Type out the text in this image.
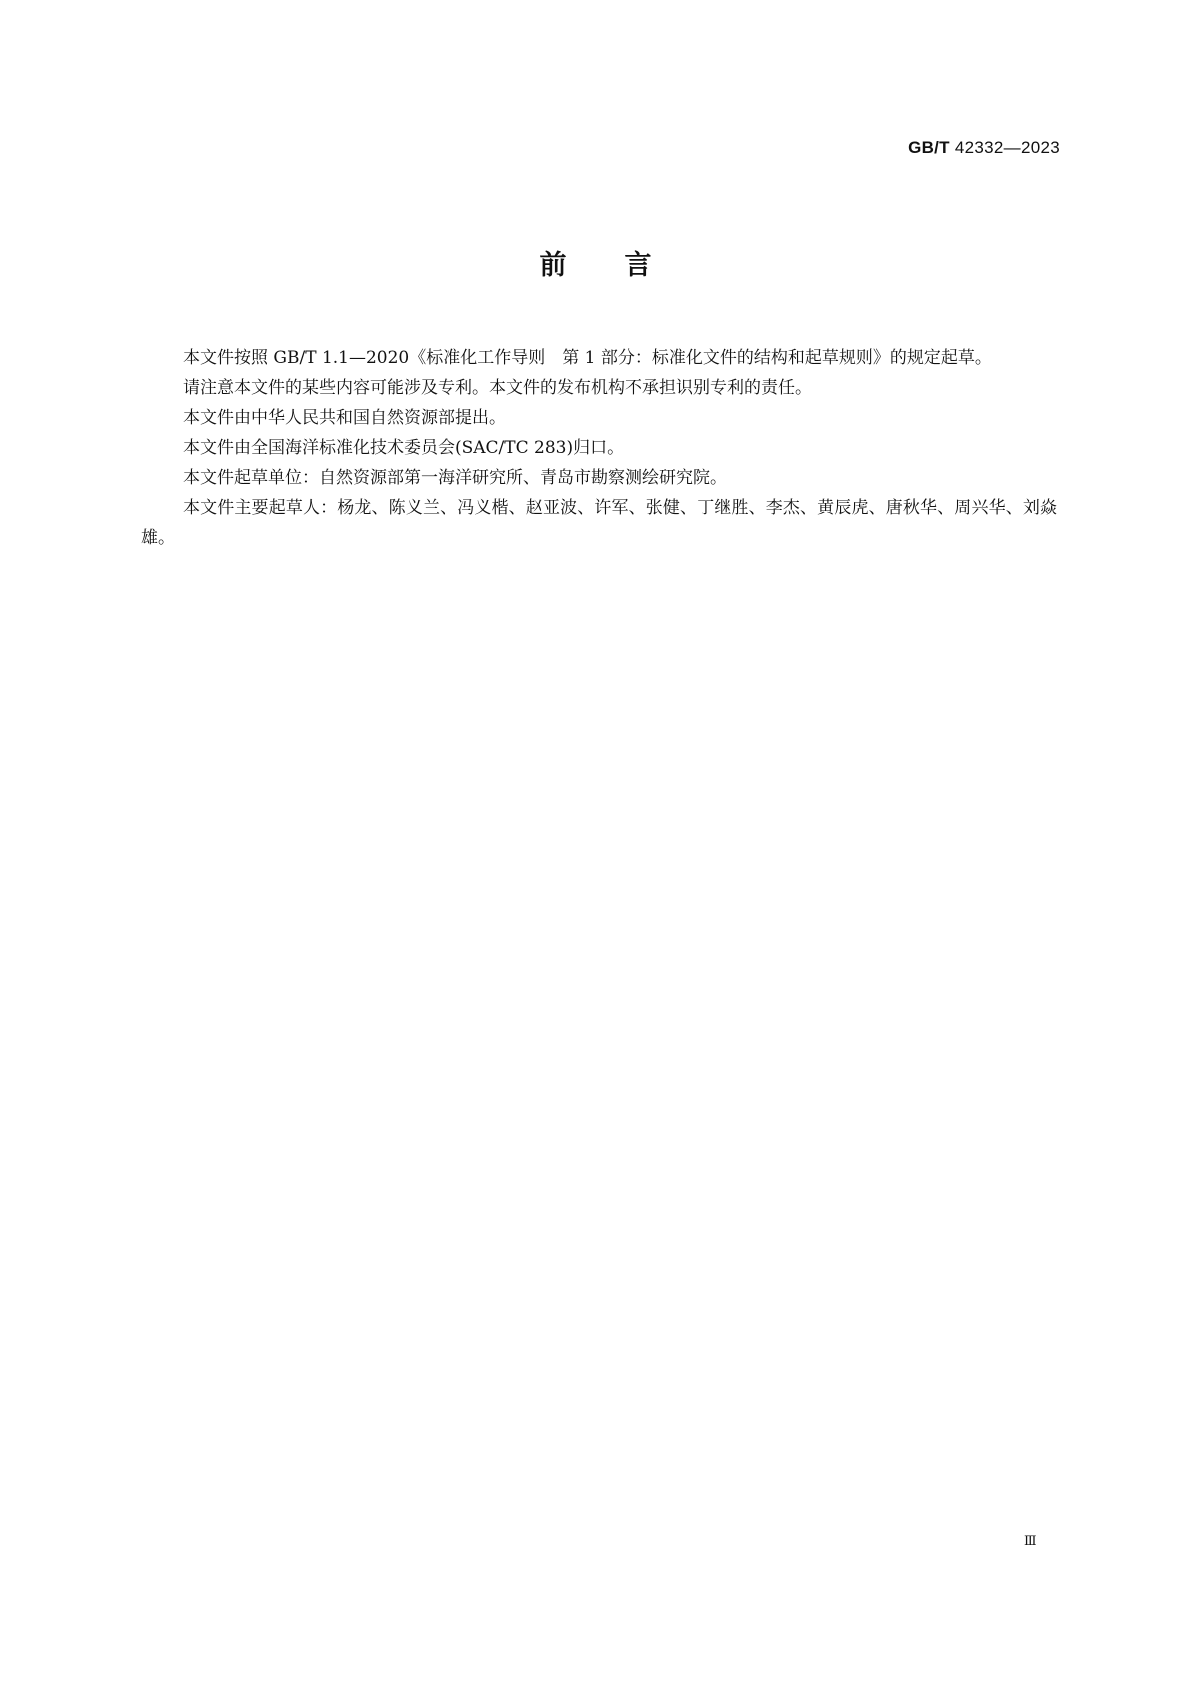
GB/T 42332—2023
前言

本文件按照 GB/T 1.1—2020《标准化工作导则　第 1 部分：标准化文件的结构和起草规则》的规定起草。

请注意本文件的某些内容可能涉及专利。本文件的发布机构不承担识别专利的责任。

本文件由中华人民共和国自然资源部提出。

本文件由全国海洋标准化技术委员会(SAC/TC 283)归口。

本文件起草单位：自然资源部第一海洋研究所、青岛市勘察测绘研究院。

本文件主要起草人：杨龙、陈义兰、冯义楷、赵亚波、许军、张健、丁继胜、李杰、黄辰虎、唐秋华、周兴华、刘焱雄。

Ⅲ
